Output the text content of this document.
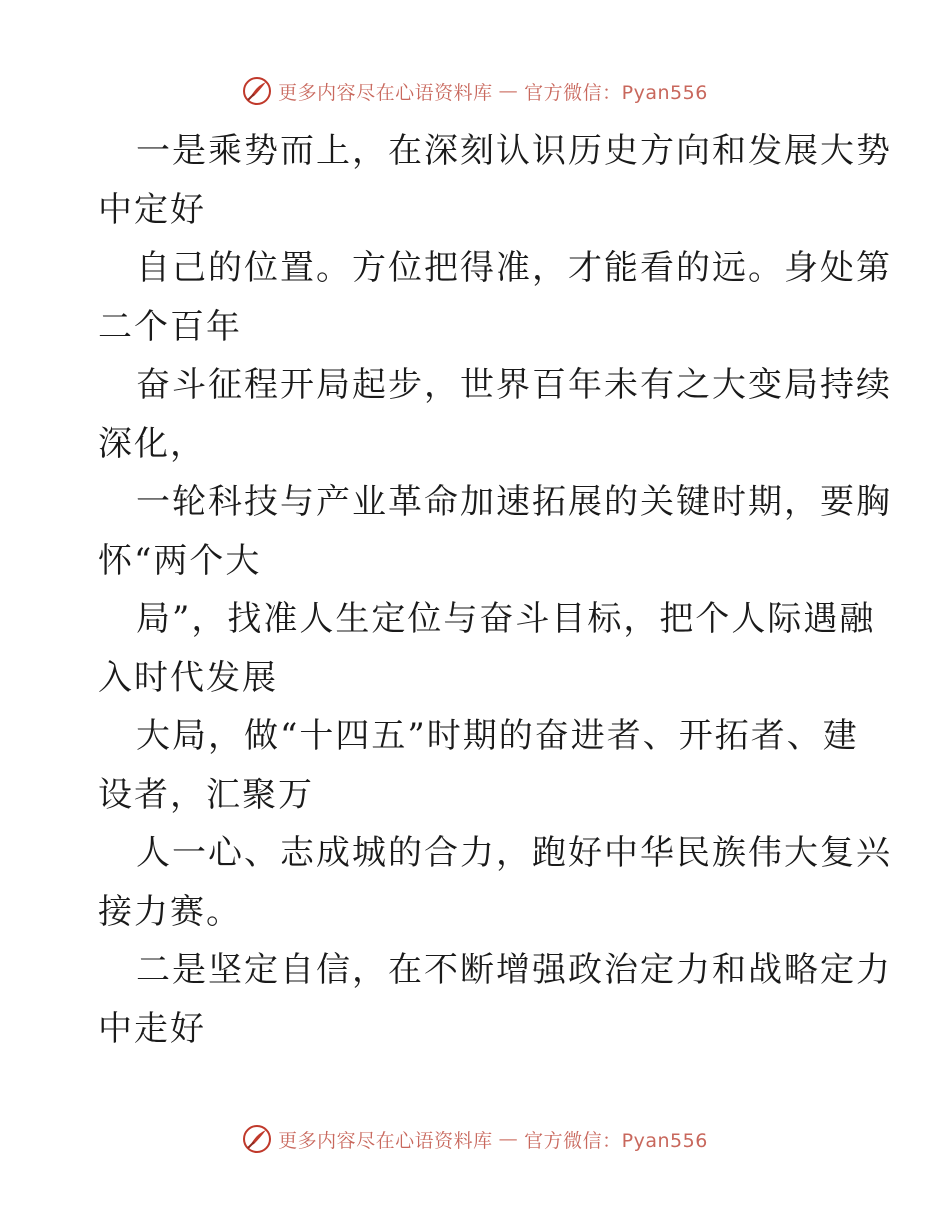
更多内容尽在心语资料库 — 官方微信：Pyan556
一是乘势而上，在深刻认识历史方向和发展大势
中定好
自己的位置。方位把得准，才能看的远。身处第
二个百年
奋斗征程开局起步，世界百年未有之大变局持续
深化，
一轮科技与产业革命加速拓展的关键时期，要胸
怀“两个大
局”，找准人生定位与奋斗目标，把个人际遇融
入时代发展
大局，做“十四五”时期的奋进者、开拓者、建
设者，汇聚万
人一心、志成城的合力，跑好中华民族伟大复兴
接力赛。
二是坚定自信，在不断增强政治定力和战略定力
中走好
更多内容尽在心语资料库 — 官方微信：Pyan556
